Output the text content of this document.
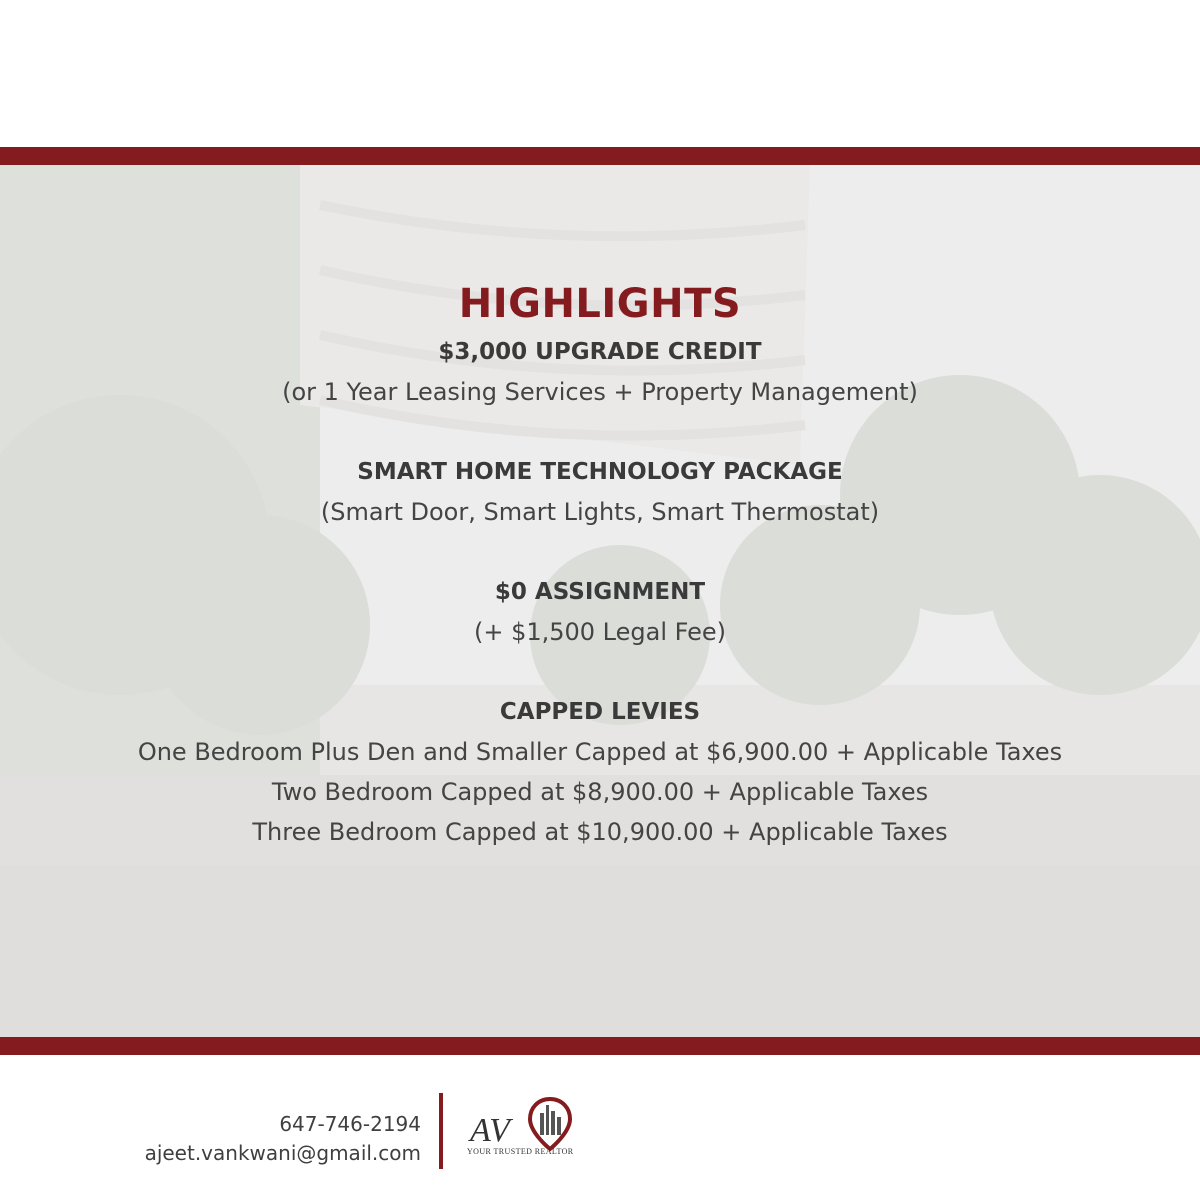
HIGHLIGHTS
$3,000 UPGRADE CREDIT
(or 1 Year Leasing Services + Property Management)
SMART HOME TECHNOLOGY PACKAGE
(Smart Door, Smart Lights, Smart Thermostat)
$0 ASSIGNMENT
(+ $1,500 Legal Fee)
CAPPED LEVIES
One Bedroom Plus Den and Smaller Capped at $6,900.00 + Applicable Taxes
Two Bedroom Capped at $8,900.00 + Applicable Taxes
Three Bedroom Capped at $10,900.00 + Applicable Taxes
647-746-2194
ajeet.vankwani@gmail.com
AV
YOUR TRUSTED REALTOR
